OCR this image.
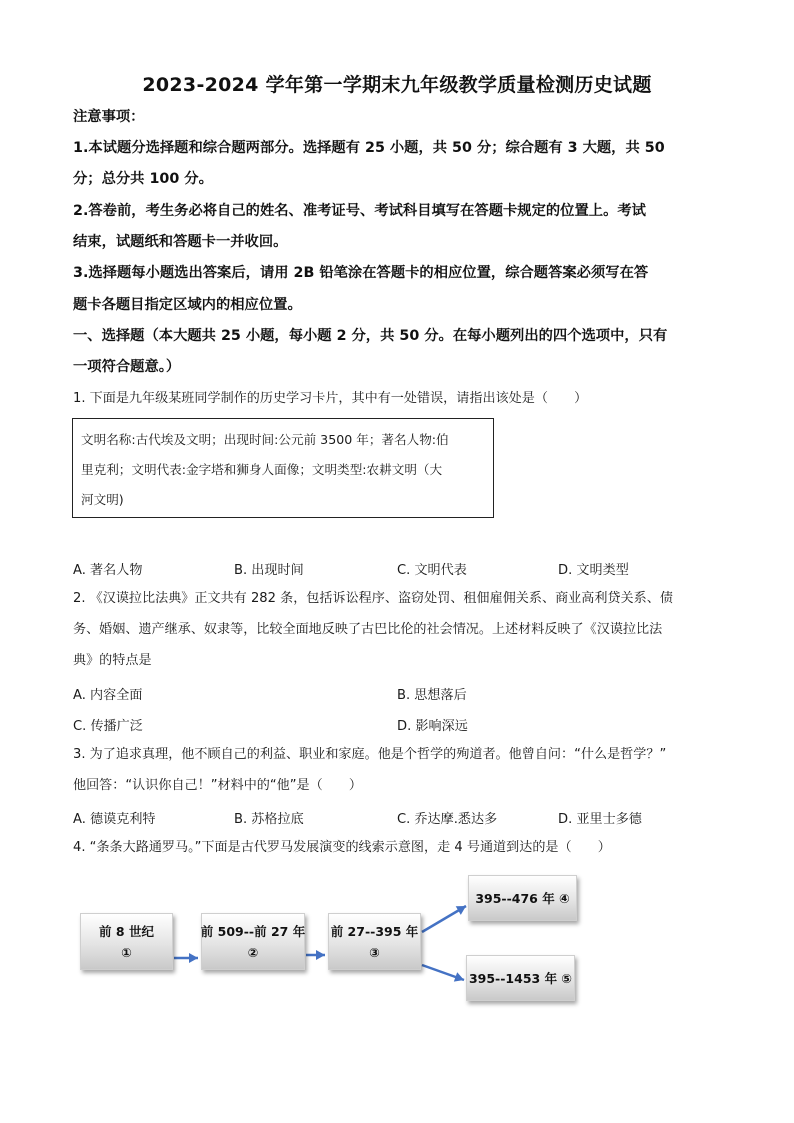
2023-2024 学年第一学期末九年级教学质量检测历史试题
注意事项：
1.本试题分选择题和综合题两部分。选择题有 25 小题，共 50 分；综合题有 3 大题，共 50
分；总分共 100 分。
2.答卷前，考生务必将自己的姓名、准考证号、考试科目填写在答题卡规定的位置上。考试
结束，试题纸和答题卡一并收回。
3.选择题每小题选出答案后，请用 2B 铅笔涂在答题卡的相应位置，综合题答案必须写在答
题卡各题目指定区域内的相应位置。
一、选择题（本大题共 25 小题，每小题 2 分，共 50 分。在每小题列出的四个选项中，只有
一项符合题意。）
1. 下面是九年级某班同学制作的历史学习卡片，其中有一处错误，请指出该处是（　　）
文明名称:古代埃及文明；出现时间:公元前 3500 年；著名人物:伯
里克利；文明代表:金字塔和狮身人面像；文明类型:农耕文明（大
河文明)
A. 著名人物	B. 出现时间	C. 文明代表	D. 文明类型
2. 《汉谟拉比法典》正文共有 282 条，包括诉讼程序、盗窃处罚、租佃雇佣关系、商业高利贷关系、债
务、婚姻、遗产继承、奴隶等，比较全面地反映了古巴比伦的社会情况。上述材料反映了《汉谟拉比法
典》的特点是
A. 内容全面	B. 思想落后
C. 传播广泛	D. 影响深远
3. 为了追求真理，他不顾自己的利益、职业和家庭。他是个哲学的殉道者。他曾自问：“什么是哲学？”
他回答：“认识你自己！”材料中的“他”是（　　）
A. 德谟克利特	B. 苏格拉底	C. 乔达摩.悉达多	D. 亚里士多德
4. “条条大路通罗马。”下面是古代罗马发展演变的线索示意图，走 4 号通道到达的是（　　）
前 8 世纪
①
前 509--前 27 年
②
前 27--395 年
③
395--476 年 ④
395--1453 年 ⑤
